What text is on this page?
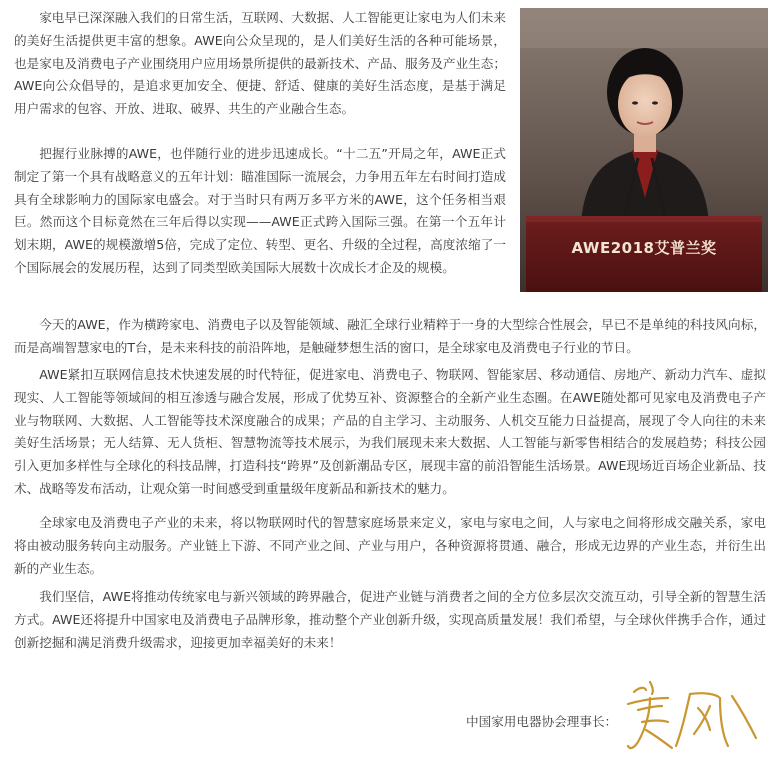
家电早已深深融入我们的日常生活，互联网、大数据、人工智能更让家电为人们未来的美好生活提供更丰富的想象。AWE向公众呈现的，是人们美好生活的各种可能场景，也是家电及消费电子产业围绕用户应用场景所提供的最新技术、产品、服务及产业生态；AWE向公众倡导的，是追求更加安全、便捷、舒适、健康的美好生活态度，是基于满足用户需求的包容、开放、进取、破界、共生的产业融合生态。

把握行业脉搏的AWE，也伴随行业的进步迅速成长。“十二五”开局之年，AWE正式制定了第一个具有战略意义的五年计划：瞄准国际一流展会，力争用五年左右时间打造成具有全球影响力的国际家电盛会。对于当时只有两万多平方米的AWE，这个任务相当艰巨。然而这个目标竟然在三年后得以实现——AWE正式跨入国际三强。在第一个五年计划末期，AWE的规模激增5倍，完成了定位、转型、更名、升级的全过程，高度浓缩了一个国际展会的发展历程，达到了同类型欧美国际大展数十次成长才企及的规模。

AWE2018艾普兰奖

今天的AWE，作为横跨家电、消费电子以及智能领域、融汇全球行业精粹于一身的大型综合性展会，早已不是单纯的科技风向标，而是高端智慧家电的T台，是未来科技的前沿阵地，是触碰梦想生活的窗口，是全球家电及消费电子行业的节日。

AWE紧扣互联网信息技术快速发展的时代特征，促进家电、消费电子、物联网、智能家居、移动通信、房地产、新动力汽车、虚拟现实、人工智能等领域间的相互渗透与融合发展，形成了优势互补、资源整合的全新产业生态圈。在AWE随处都可见家电及消费电子产业与物联网、大数据、人工智能等技术深度融合的成果；产品的自主学习、主动服务、人机交互能力日益提高，展现了令人向往的未来美好生活场景；无人结算、无人货柜、智慧物流等技术展示，为我们展现未来大数据、人工智能与新零售相结合的发展趋势；科技公园引入更加多样性与全球化的科技品牌，打造科技“跨界”及创新潮品专区，展现丰富的前沿智能生活场景。AWE现场近百场企业新品、技术、战略等发布活动，让观众第一时间感受到重量级年度新品和新技术的魅力。

全球家电及消费电子产业的未来，将以物联网时代的智慧家庭场景来定义，家电与家电之间，人与家电之间将形成交融关系，家电将由被动服务转向主动服务。产业链上下游、不同产业之间、产业与用户，各种资源将贯通、融合，形成无边界的产业生态，并衍生出新的产业生态。

我们坚信，AWE将推动传统家电与新兴领域的跨界融合，促进产业链与消费者之间的全方位多层次交流互动，引导全新的智慧生活方式。AWE还将提升中国家电及消费电子品牌形象，推动整个产业创新升级，实现高质量发展！我们希望，与全球伙伴携手合作，通过创新挖掘和满足消费升级需求，迎接更加幸福美好的未来！

中国家用电器协会理事长：
